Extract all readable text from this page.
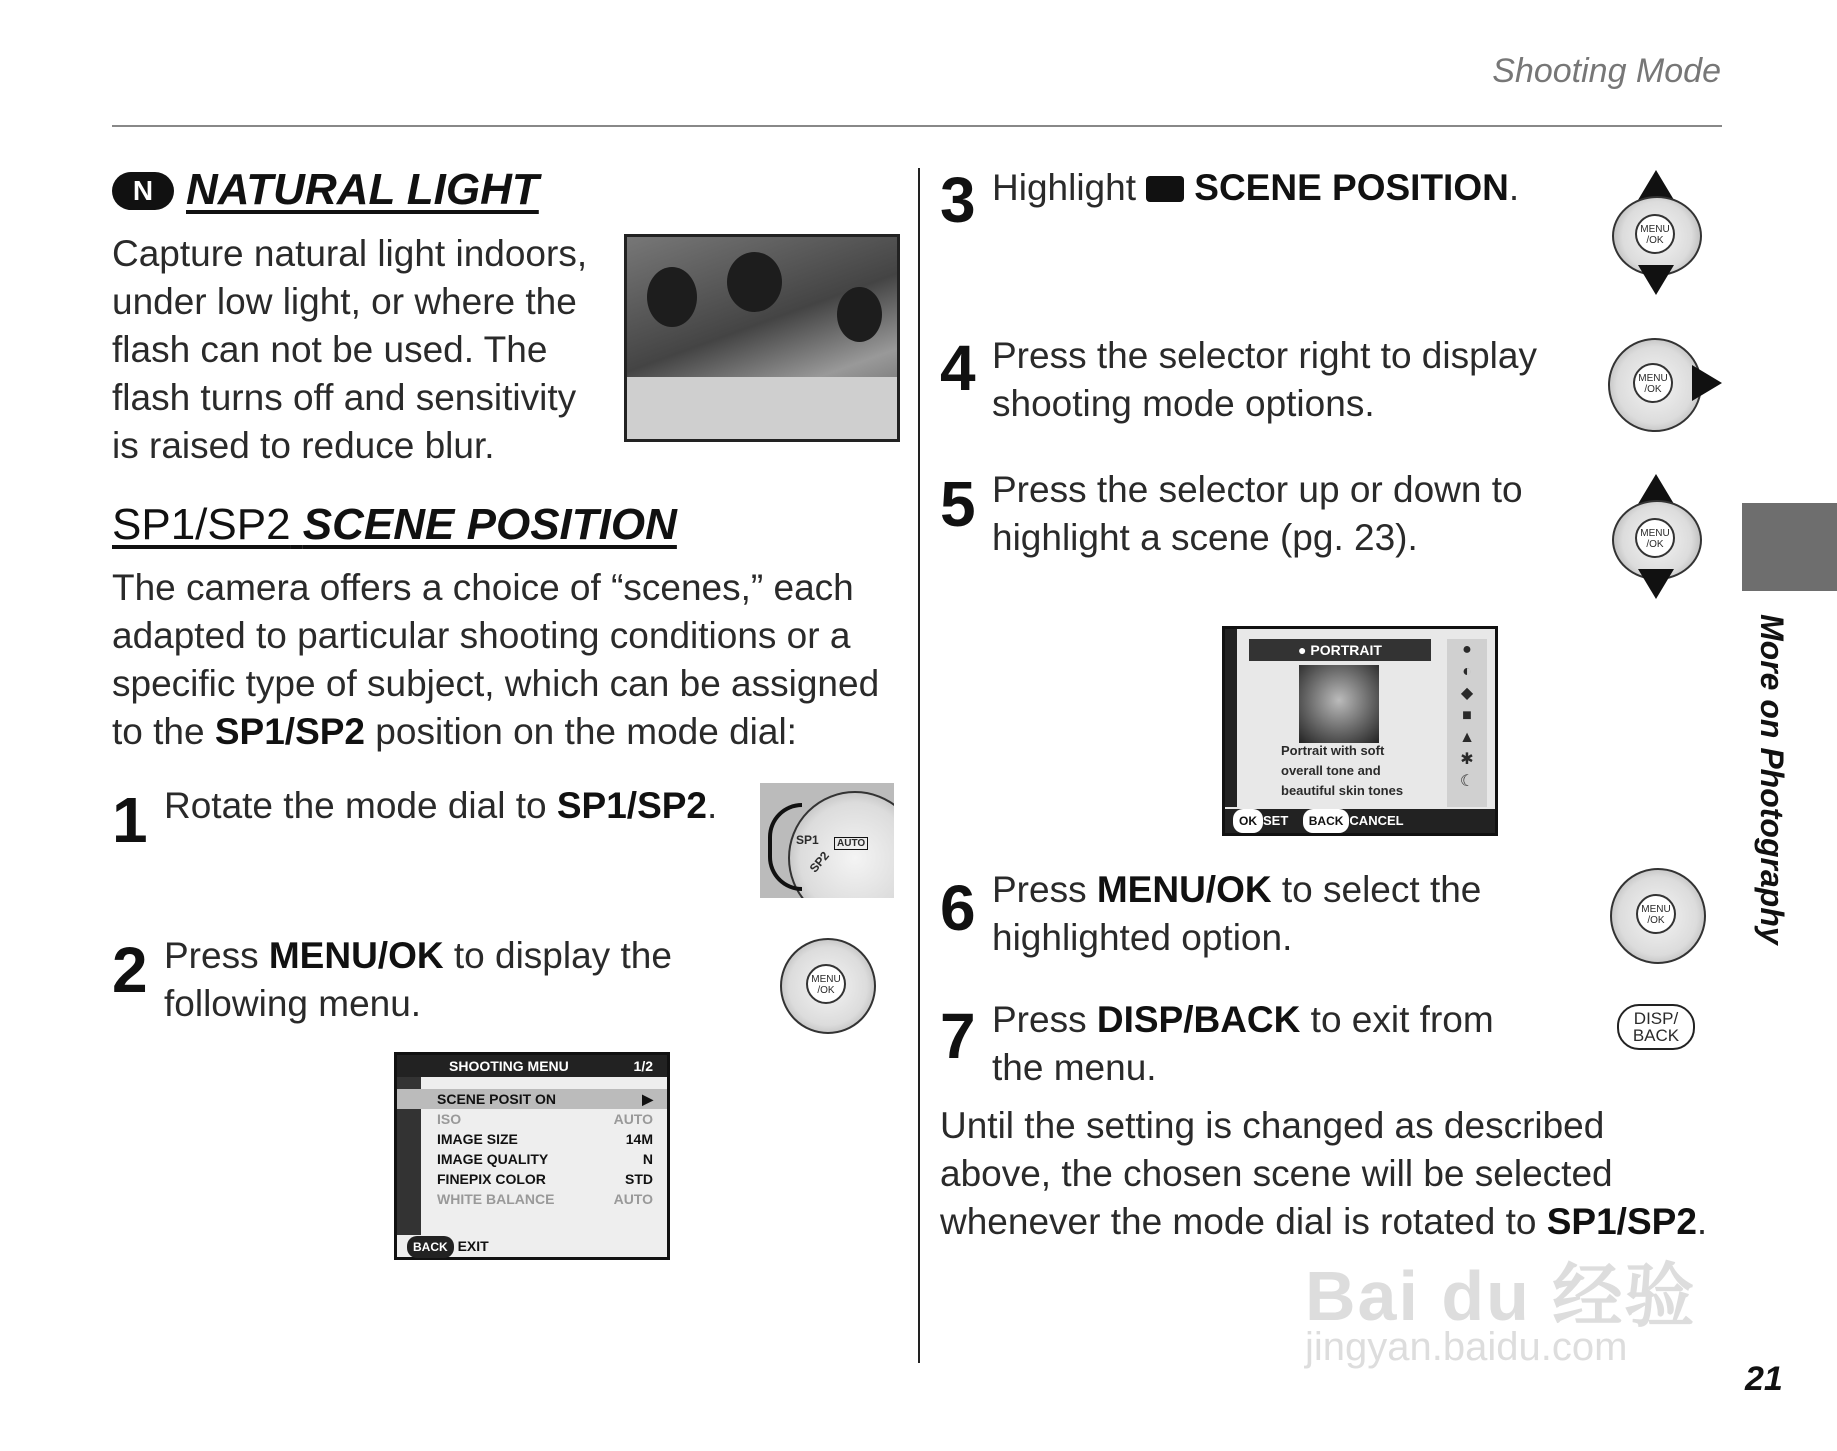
Shooting Mode
N NATURAL LIGHT
Capture natural light indoors, under low light, or where the flash can not be used. The flash turns off and sensitivity is raised to reduce blur.
SP1/SP2 SCENE POSITION
The camera offers a choice of “scenes,” each adapted to particular shooting conditions or a specific type of subject, which can be assigned to the SP1/SP2 position on the mode dial:
1 Rotate the mode dial to SP1/SP2.
SP1
SP2
AUTO
2 Press MENU/OK to display the following menu.
MENU
/OK
SHOOTING MENU	1/2
SCENE POSIT ON	▶
ISO	AUTO
IMAGE SIZE	14M
IMAGE QUALITY	N
FINEPIX COLOR	STD
WHITE BALANCE	AUTO
BACK EXIT
3 Highlight SCENE POSITION.
MENU
/OK
4 Press the selector right to display shooting mode options.
MENU
/OK
5 Press the selector up or down to highlight a scene (pg. 23).	MENU
/OK
● PORTRAIT
Portrait with soft overall tone and beautiful skin tones
●
◐
◆
■
▲
✱
☾
OK SET BACK CANCEL
6 Press MENU/OK to select the highlighted option.
MENU
/OK
7 Press DISP/BACK to exit from the menu.
DISP/
BACK
Until the setting is changed as described above, the chosen scene will be selected whenever the mode dial is rotated to SP1/SP2.
More on Photography
21
Bai du 经验
jingyan.baidu.com
